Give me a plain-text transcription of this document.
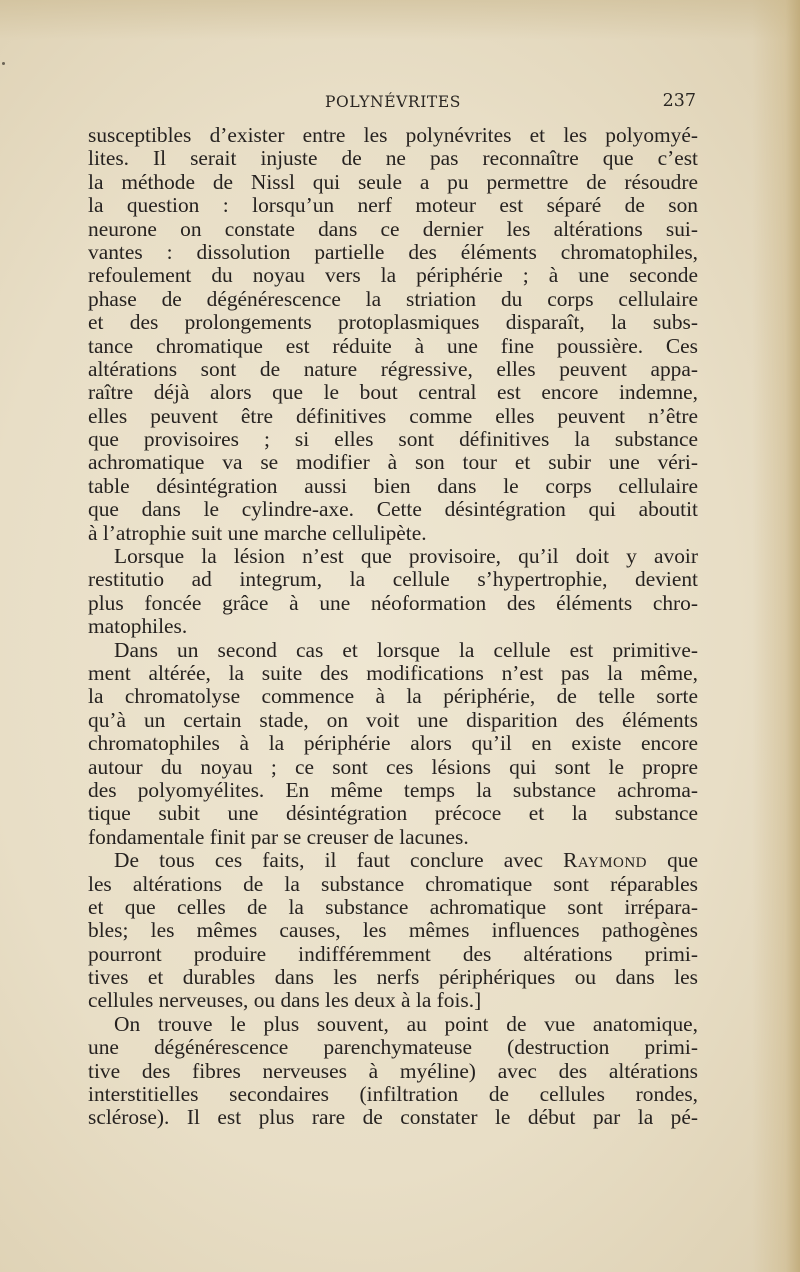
POLYNÉVRITES	237
susceptibles d’exister entre les polynévrites et les polyomyé-
lites. Il serait injuste de ne pas reconnaître que c’est
la méthode de Nissl qui seule a pu permettre de résoudre
la question : lorsqu’un nerf moteur est séparé de son
neurone on constate dans ce dernier les altérations sui-
vantes : dissolution partielle des éléments chromatophiles,
refoulement du noyau vers la périphérie ; à une seconde
phase de dégénérescence la striation du corps cellulaire
et des prolongements protoplasmiques disparaît, la subs-
tance chromatique est réduite à une fine poussière. Ces
altérations sont de nature régressive, elles peuvent appa-
raître déjà alors que le bout central est encore indemne,
elles peuvent être définitives comme elles peuvent n’être
que provisoires ; si elles sont définitives la substance
achromatique va se modifier à son tour et subir une véri-
table désintégration aussi bien dans le corps cellulaire
que dans le cylindre-axe. Cette désintégration qui aboutit
à l’atrophie suit une marche cellulipète.
Lorsque la lésion n’est que provisoire, qu’il doit y avoir
restitutio ad integrum, la cellule s’hypertrophie, devient
plus foncée grâce à une néoformation des éléments chro-
matophiles.
Dans un second cas et lorsque la cellule est primitive-
ment altérée, la suite des modifications n’est pas la même,
la chromatolyse commence à la périphérie, de telle sorte
qu’à un certain stade, on voit une disparition des éléments
chromatophiles à la périphérie alors qu’il en existe encore
autour du noyau ; ce sont ces lésions qui sont le propre
des polyomyélites. En même temps la substance achroma-
tique subit une désintégration précoce et la substance
fondamentale finit par se creuser de lacunes.
De tous ces faits, il faut conclure avec Raymond que
les altérations de la substance chromatique sont réparables
et que celles de la substance achromatique sont irrépara-
bles; les mêmes causes, les mêmes influences pathogènes
pourront produire indifféremment des altérations primi-
tives et durables dans les nerfs périphériques ou dans les
cellules nerveuses, ou dans les deux à la fois.]
On trouve le plus souvent, au point de vue anatomique,
une dégénérescence parenchymateuse (destruction primi-
tive des fibres nerveuses à myéline) avec des altérations
interstitielles secondaires (infiltration de cellules rondes,
sclérose). Il est plus rare de constater le début par la pé-
